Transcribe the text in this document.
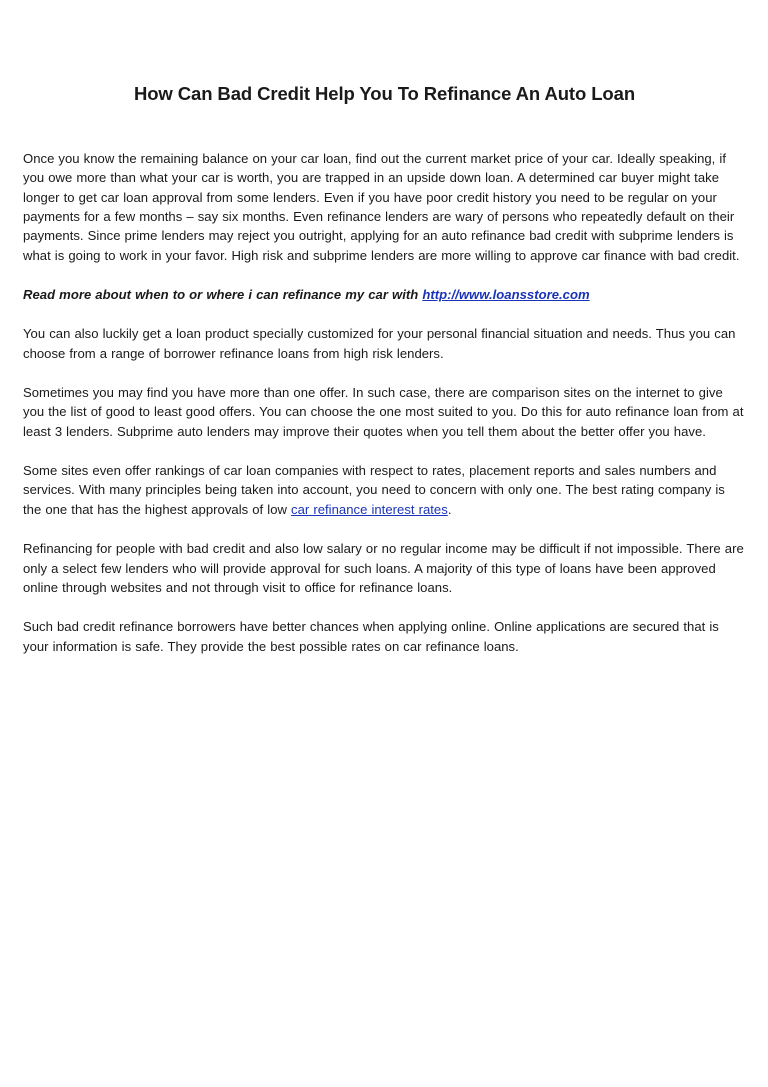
How Can Bad Credit Help You To Refinance An Auto Loan

Once you know the remaining balance on your car loan, find out the current market price of your car. Ideally speaking, if you owe more than what your car is worth, you are trapped in an upside down loan. A determined car buyer might take longer to get car loan approval from some lenders. Even if you have poor credit history you need to be regular on your payments for a few months – say six months. Even refinance lenders are wary of persons who repeatedly default on their payments. Since prime lenders may reject you outright, applying for an auto refinance bad credit with subprime lenders is what is going to work in your favor. High risk and subprime lenders are more willing to approve car finance with bad credit.

Read more about when to or where i can refinance my car with http://www.loansstore.com

You can also luckily get a loan product specially customized for your personal financial situation and needs. Thus you can choose from a range of borrower refinance loans from high risk lenders.

Sometimes you may find you have more than one offer. In such case, there are comparison sites on the internet to give you the list of good to least good offers. You can choose the one most suited to you. Do this for auto refinance loan from at least 3 lenders. Subprime auto lenders may improve their quotes when you tell them about the better offer you have.

Some sites even offer rankings of car loan companies with respect to rates, placement reports and sales numbers and services. With many principles being taken into account, you need to concern with only one. The best rating company is the one that has the highest approvals of low car refinance interest rates.

Refinancing for people with bad credit and also low salary or no regular income may be difficult if not impossible. There are only a select few lenders who will provide approval for such loans. A majority of this type of loans have been approved online through websites and not through visit to office for refinance loans.

Such bad credit refinance borrowers have better chances when applying online. Online applications are secured that is your information is safe. They provide the best possible rates on car refinance loans.
